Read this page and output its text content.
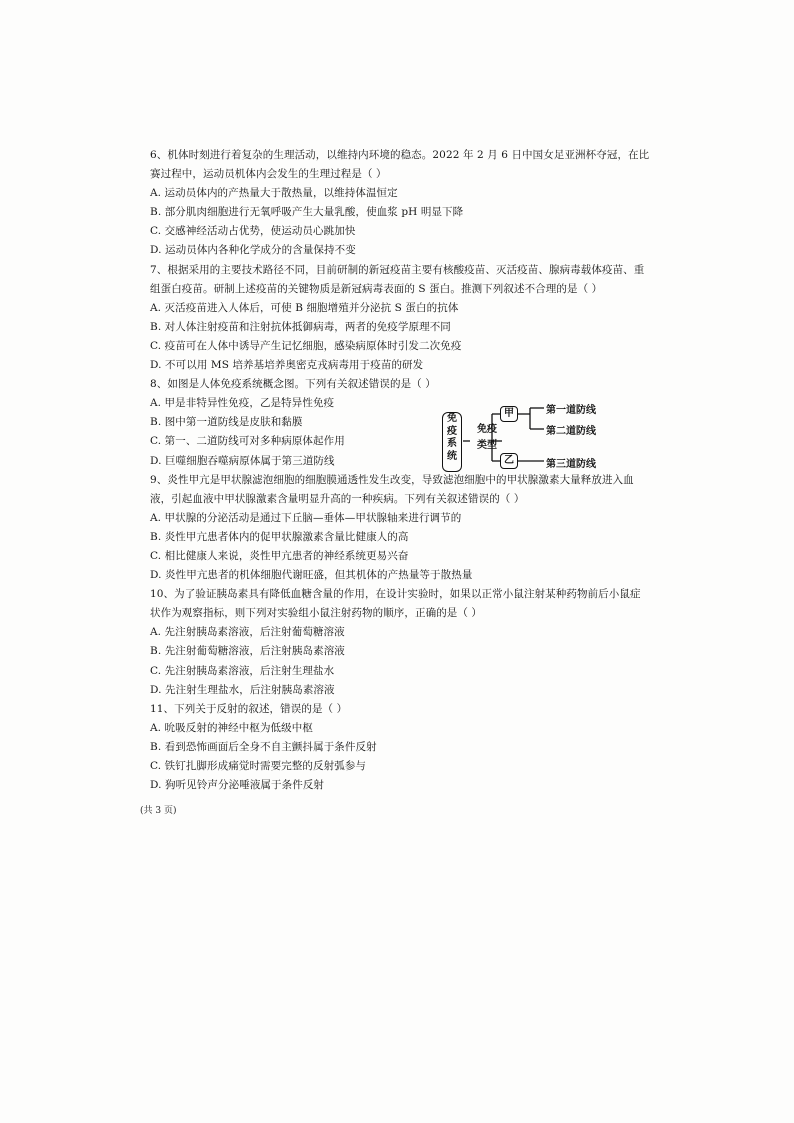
6、机体时刻进行着复杂的生理活动，以维持内环境的稳态。2022 年 2 月 6 日中国女足亚洲杯夺冠，在比赛过程中，运动员机体内会发生的生理过程是（ ）
A. 运动员体内的产热量大于散热量，以维持体温恒定
B. 部分肌肉细胞进行无氧呼吸产生大量乳酸，使血浆 pH 明显下降
C. 交感神经活动占优势，使运动员心跳加快
D. 运动员体内各种化学成分的含量保持不变
7、根据采用的主要技术路径不同，目前研制的新冠疫苗主要有核酸疫苗、灭活疫苗、腺病毒载体疫苗、重组蛋白疫苗。研制上述疫苗的关键物质是新冠病毒表面的 S 蛋白。推测下列叙述不合理的是（ ）
A. 灭活疫苗进入人体后，可使 B 细胞增殖并分泌抗 S 蛋白的抗体
B. 对人体注射疫苗和注射抗体抵御病毒，两者的免疫学原理不同
C. 疫苗可在人体中诱导产生记忆细胞，感染病原体时引发二次免疫
D. 不可以用 MS 培养基培养奥密克戎病毒用于疫苗的研发
8、如图是人体免疫系统概念图。下列有关叙述错误的是（ ）
A. 甲是非特异性免疫，乙是特异性免疫
B. 图中第一道防线是皮肤和黏膜
C. 第一、二道防线可对多种病原体起作用
D. 巨噬细胞吞噬病原体属于第三道防线
9、炎性甲亢是甲状腺滤泡细胞的细胞膜通透性发生改变，导致滤泡细胞中的甲状腺激素大量释放进入血液，引起血液中甲状腺激素含量明显升高的一种疾病。下列有关叙述错误的（ ）
A. 甲状腺的分泌活动是通过下丘脑—垂体—甲状腺轴来进行调节的
B. 炎性甲亢患者体内的促甲状腺激素含量比健康人的高
C. 相比健康人来说，炎性甲亢患者的神经系统更易兴奋
D. 炎性甲亢患者的机体细胞代谢旺盛，但其机体的产热量等于散热量
10、为了验证胰岛素具有降低血糖含量的作用，在设计实验时，如果以正常小鼠注射某种药物前后小鼠症状作为观察指标，则下列对实验组小鼠注射药物的顺序，正确的是（ ）
A. 先注射胰岛素溶液，后注射葡萄糖溶液
B. 先注射葡萄糖溶液，后注射胰岛素溶液
C. 先注射胰岛素溶液，后注射生理盐水
D. 先注射生理盐水，后注射胰岛素溶液
11、下列关于反射的叙述，错误的是（ ）
A. 吮吸反射的神经中枢为低级中枢
B. 看到恐怖画面后全身不自主颤抖属于条件反射
C. 铁钉扎脚形成痛觉时需要完整的反射弧参与
D. 狗听见铃声分泌唾液属于条件反射
免
疫
系
统
免疫
类型
甲
乙
第一道防线
第二道防线
第三道防线
(共 3 页)
